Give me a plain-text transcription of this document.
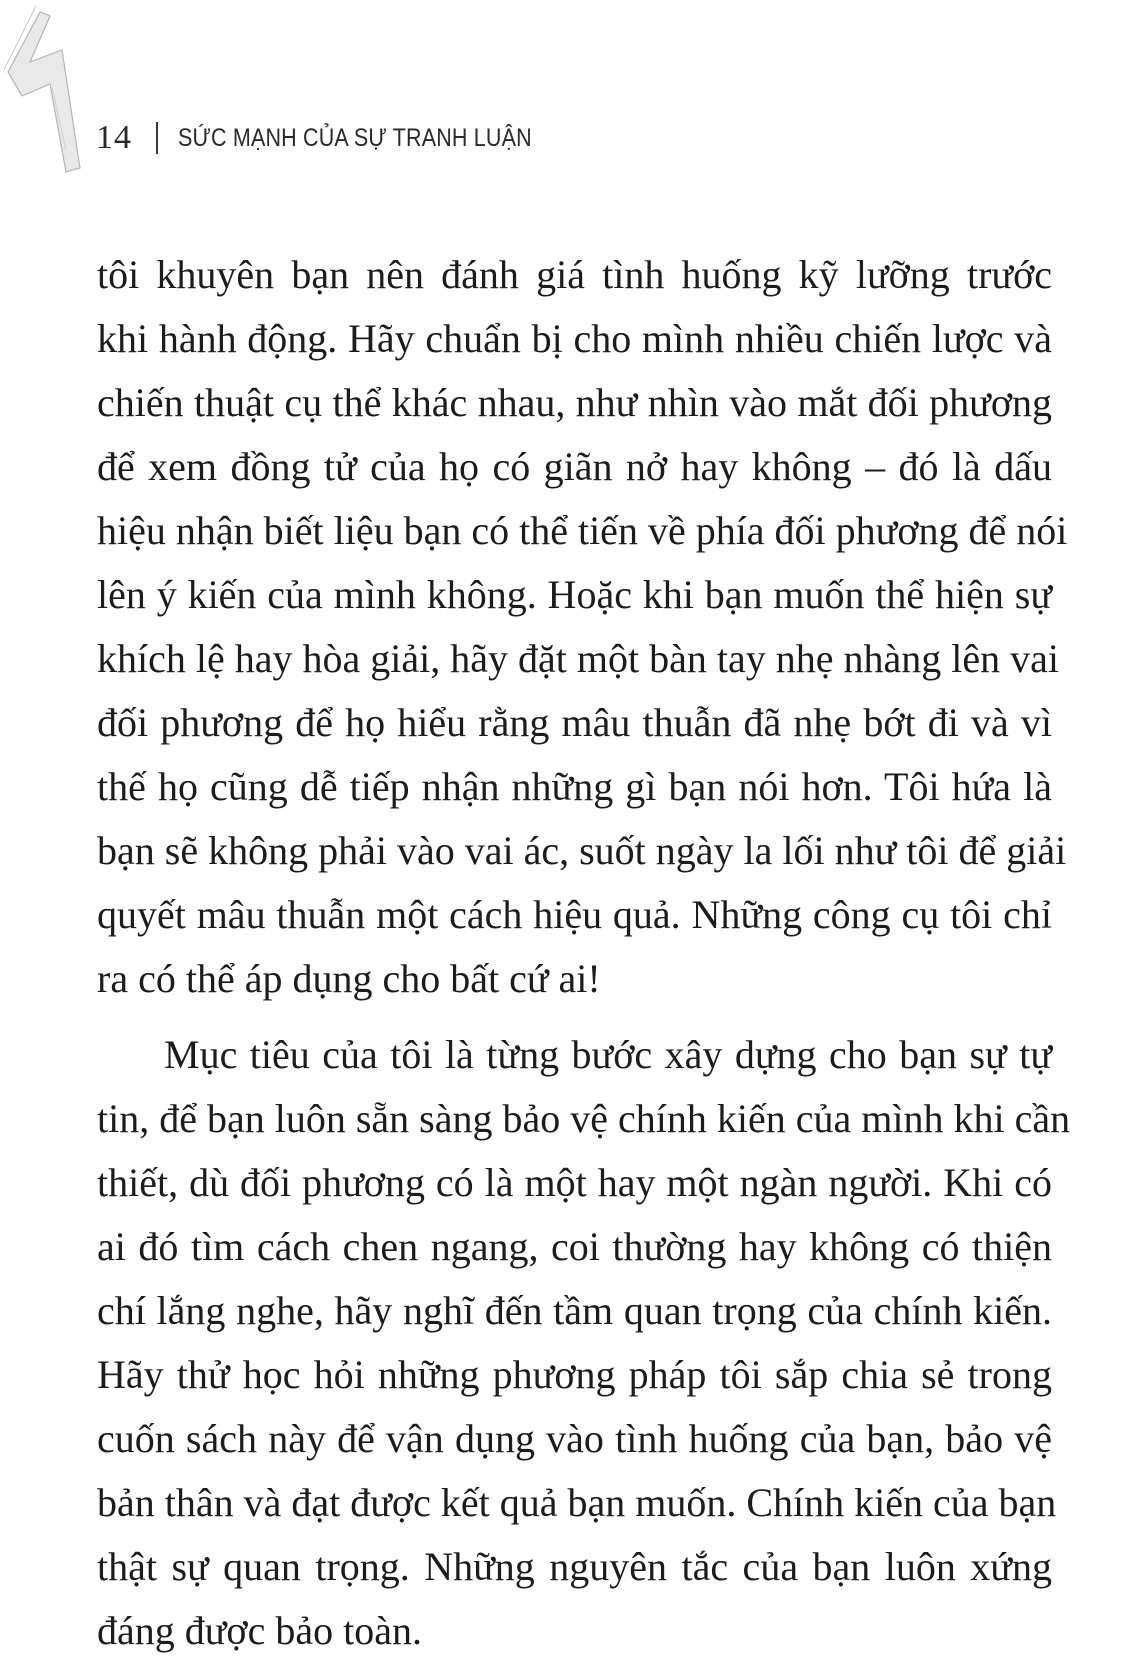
14 SỨC MẠNH CỦA SỰ TRANH LUẬN
tôi khuyên bạn nên đánh giá tình huống kỹ lưỡng trước
khi hành động. Hãy chuẩn bị cho mình nhiều chiến lược và
chiến thuật cụ thể khác nhau, như nhìn vào mắt đối phương
để xem đồng tử của họ có giãn nở hay không – đó là dấu
hiệu nhận biết liệu bạn có thể tiến về phía đối phương để nói
lên ý kiến của mình không. Hoặc khi bạn muốn thể hiện sự
khích lệ hay hòa giải, hãy đặt một bàn tay nhẹ nhàng lên vai
đối phương để họ hiểu rằng mâu thuẫn đã nhẹ bớt đi và vì
thế họ cũng dễ tiếp nhận những gì bạn nói hơn. Tôi hứa là
bạn sẽ không phải vào vai ác, suốt ngày la lối như tôi để giải
quyết mâu thuẫn một cách hiệu quả. Những công cụ tôi chỉ
ra có thể áp dụng cho bất cứ ai!
Mục tiêu của tôi là từng bước xây dựng cho bạn sự tự
tin, để bạn luôn sẵn sàng bảo vệ chính kiến của mình khi cần
thiết, dù đối phương có là một hay một ngàn người. Khi có
ai đó tìm cách chen ngang, coi thường hay không có thiện
chí lắng nghe, hãy nghĩ đến tầm quan trọng của chính kiến.
Hãy thử học hỏi những phương pháp tôi sắp chia sẻ trong
cuốn sách này để vận dụng vào tình huống của bạn, bảo vệ
bản thân và đạt được kết quả bạn muốn. Chính kiến của bạn
thật sự quan trọng. Những nguyên tắc của bạn luôn xứng
đáng được bảo toàn.
